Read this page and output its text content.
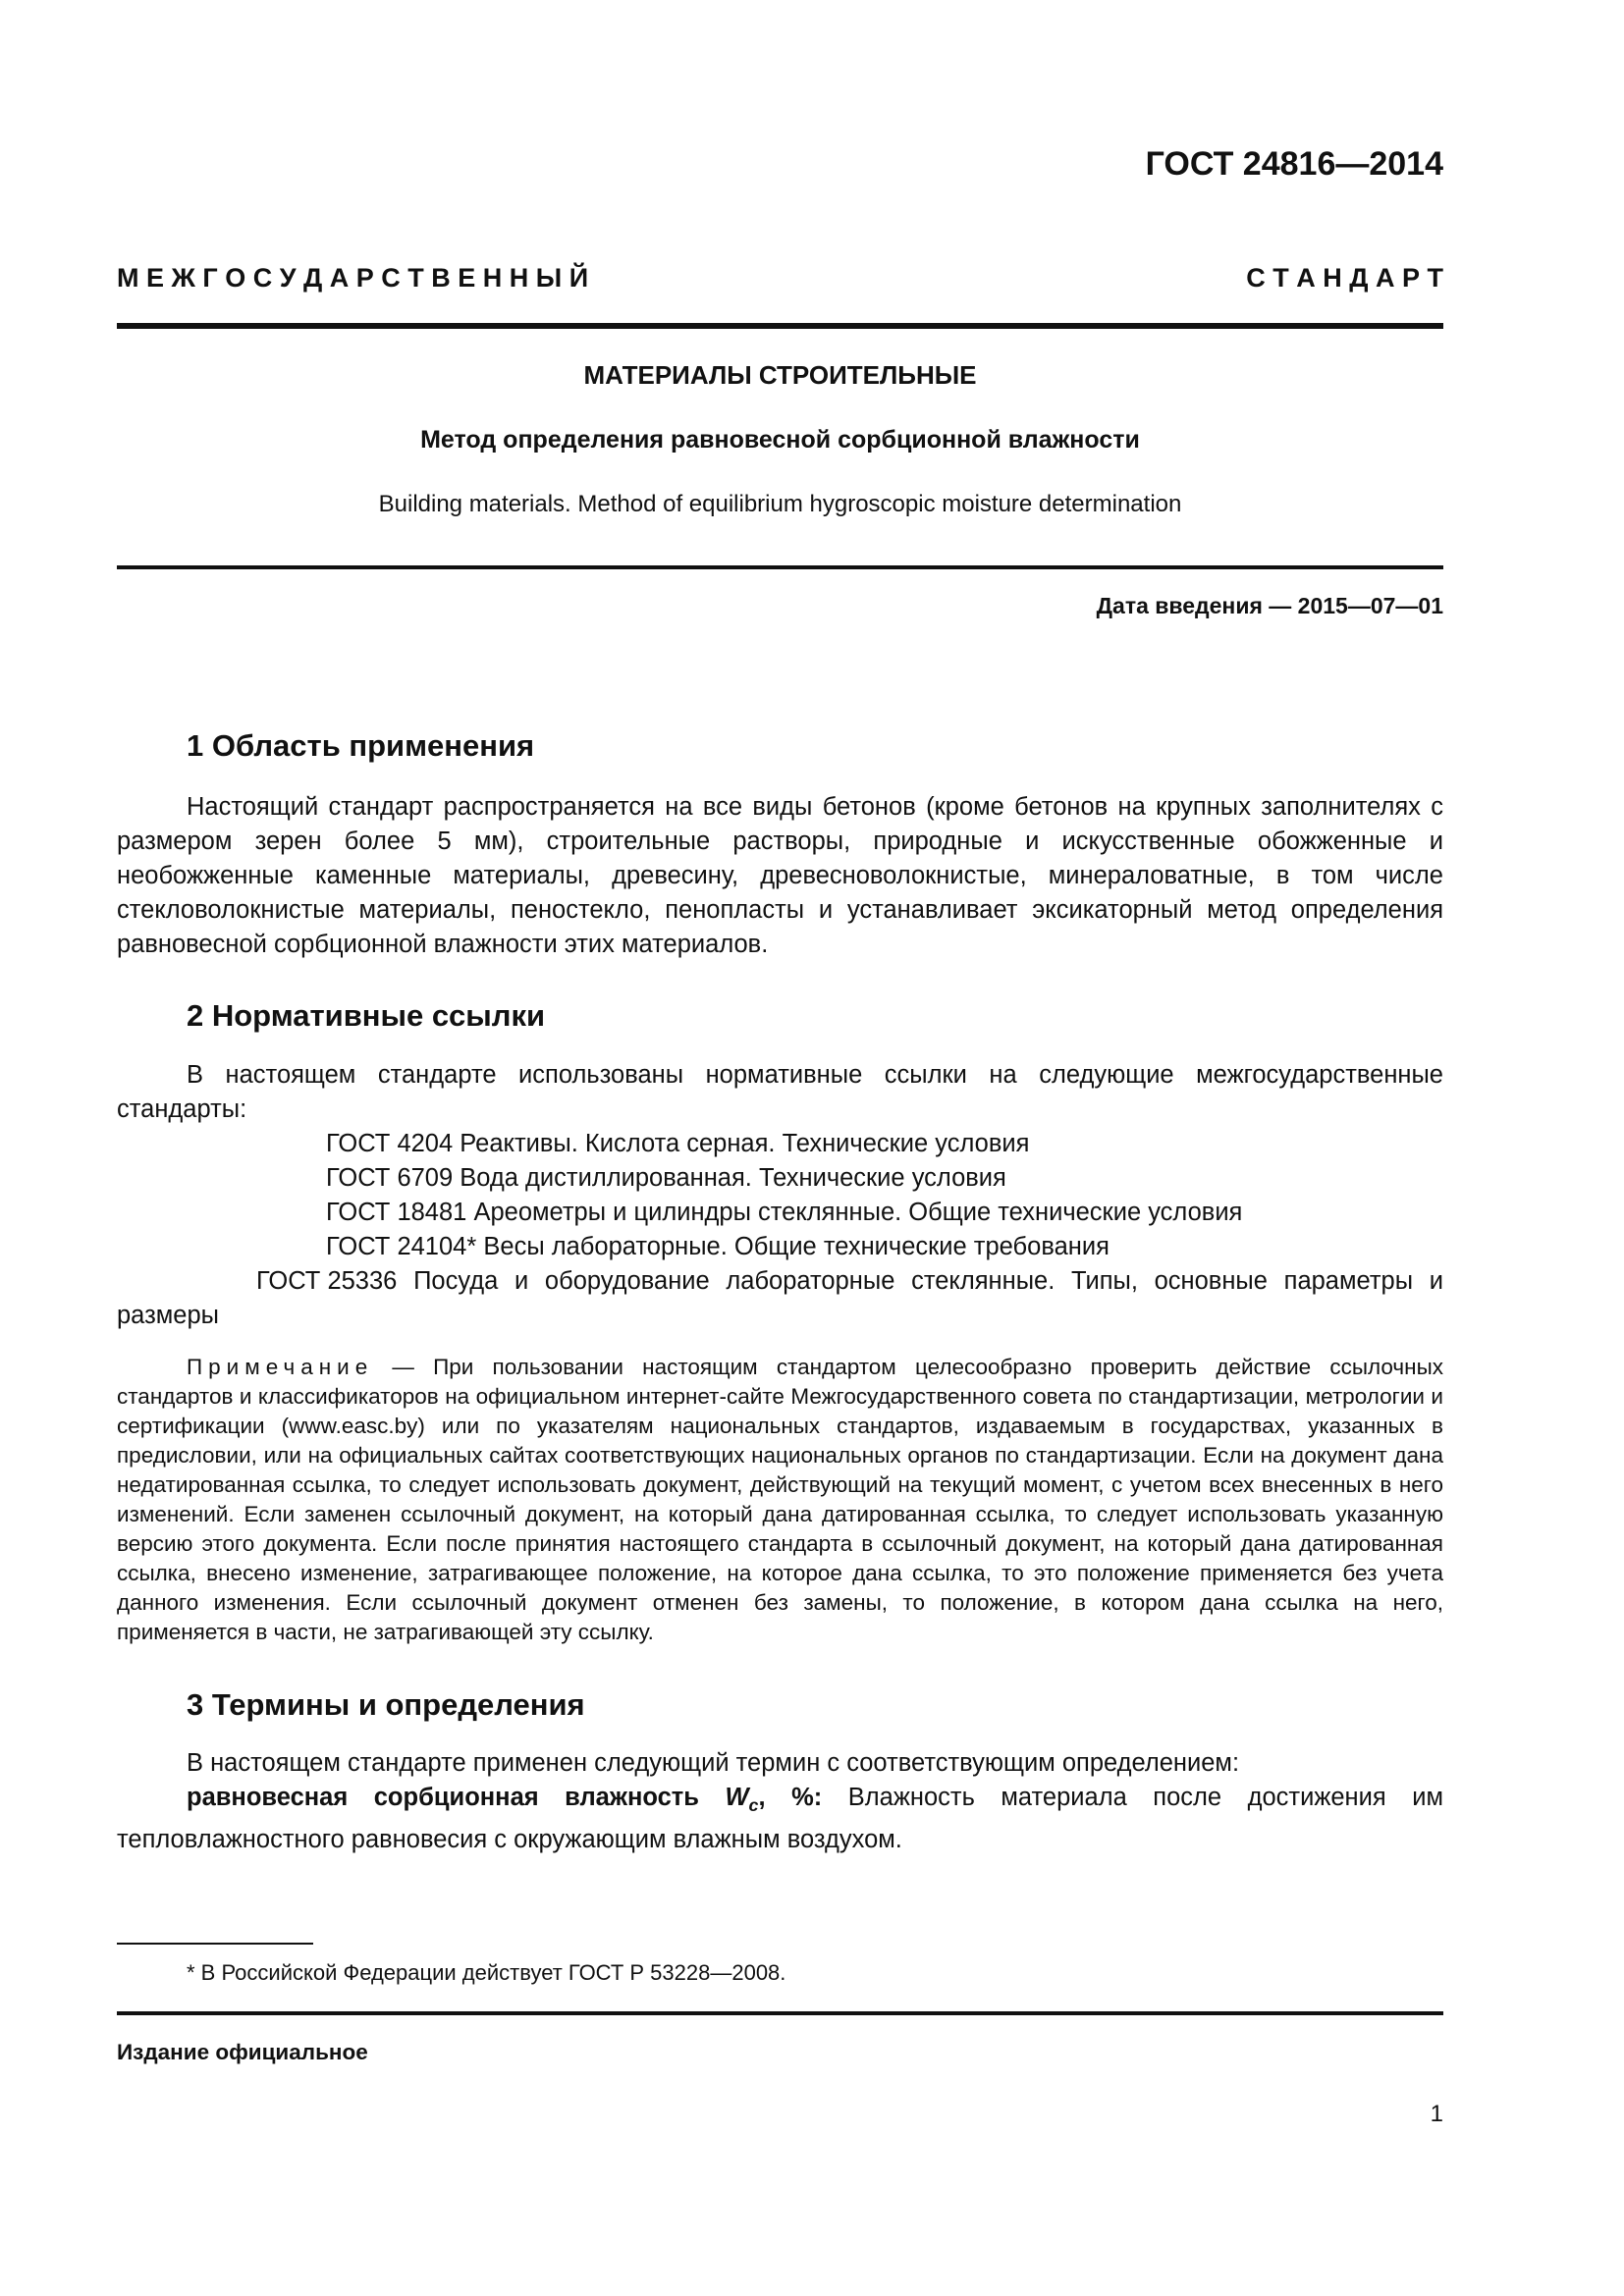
ГОСТ 24816—2014
М Е Ж Г О С У Д А Р С Т В Е Н Н Ы Й	С Т А Н Д А Р Т
МАТЕРИАЛЫ СТРОИТЕЛЬНЫЕ
Метод определения равновесной сорбционной влажности
Building materials. Method of equilibrium hygroscopic moisture determination
Дата введения — 2015—07—01
1 Область применения

Настоящий стандарт распространяется на все виды бетонов (кроме бетонов на крупных заполнителях с размером зерен более 5 мм), строительные растворы, природные и искусственные обожженные и необожженные каменные материалы, древесину, древесноволокнистые, минераловатные, в том числе стекловолокнистые материалы, пеностекло, пенопласты и устанавливает эксикаторный метод определения равновесной сорбционной влажности этих материалов.

2 Нормативные ссылки

В настоящем стандарте использованы нормативные ссылки на следующие межгосударственные стандарты:

ГОСТ 4204 Реактивы. Кислота серная. Технические условия

ГОСТ 6709 Вода дистиллированная. Технические условия

ГОСТ 18481 Ареометры и цилиндры стеклянные. Общие технические условия

ГОСТ 24104* Весы лабораторные. Общие технические требования

ГОСТ 25336 Посуда и оборудование лабораторные стеклянные. Типы, основные параметры и размеры

Примечание — При пользовании настоящим стандартом целесообразно проверить действие ссылочных стандартов и классификаторов на официальном интернет-сайте Межгосударственного совета по стандартизации, метрологии и сертификации (www.easc.by) или по указателям национальных стандартов, издаваемым в государствах, указанных в предисловии, или на официальных сайтах соответствующих национальных органов по стандартизации. Если на документ дана недатированная ссылка, то следует использовать документ, действующий на текущий момент, с учетом всех внесенных в него изменений. Если заменен ссылочный документ, на который дана датированная ссылка, то следует использовать указанную версию этого документа. Если после принятия настоящего стандарта в ссылочный документ, на который дана датированная ссылка, внесено изменение, затрагивающее положение, на которое дана ссылка, то это положение применяется без учета данного изменения. Если ссылочный документ отменен без замены, то положение, в котором дана ссылка на него, применяется в части, не затрагивающей эту ссылку.

3 Термины и определения

В настоящем стандарте применен следующий термин с соответствующим определением:

равновесная сорбционная влажность $W_c$, %: Влажность материала после достижения им тепловлажностного равновесия с окружающим влажным воздухом.

* В Российской Федерации действует ГОСТ Р 53228—2008.
Издание официальное
1
